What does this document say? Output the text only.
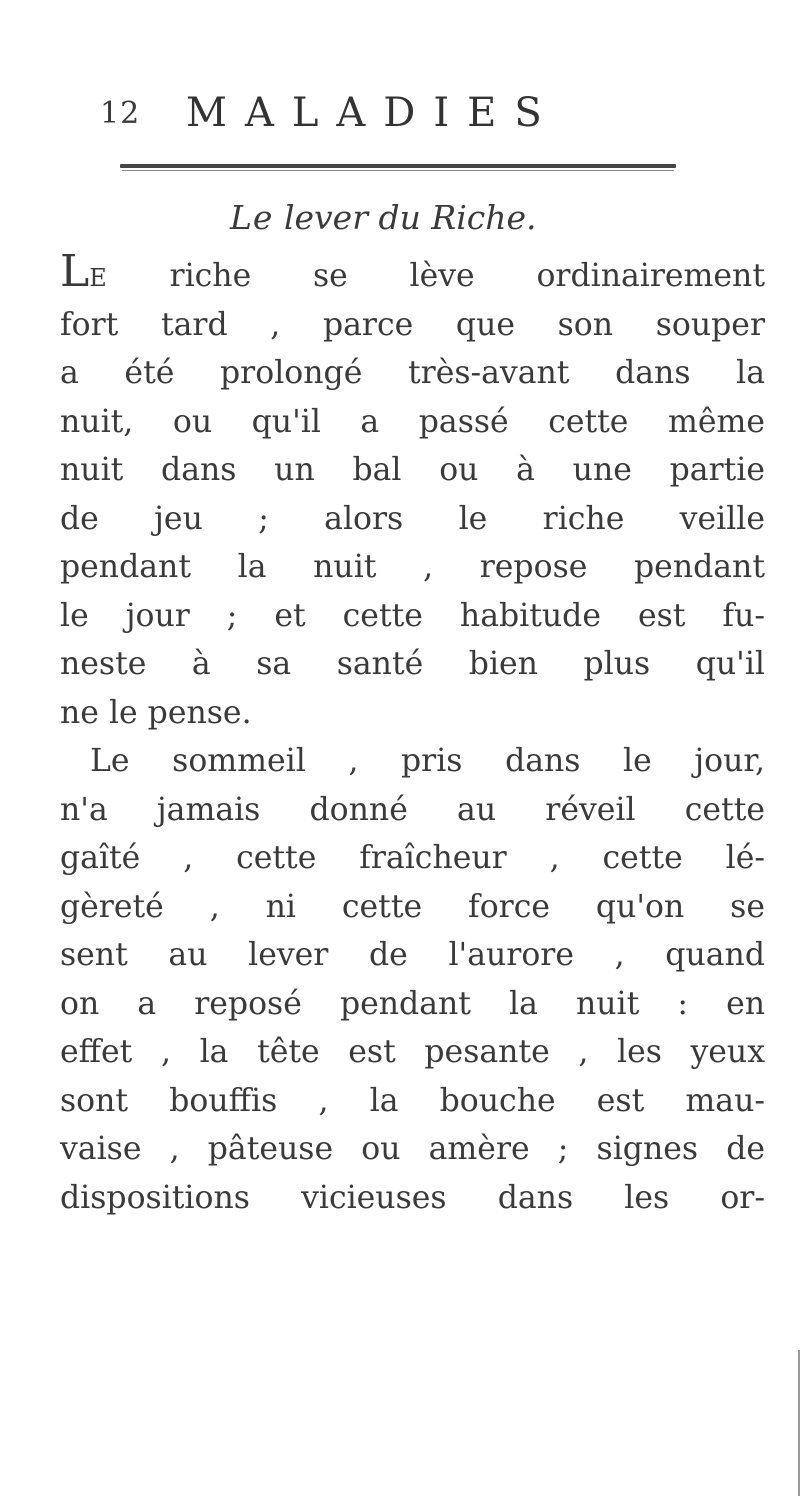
12 MALADIES
Le lever du Riche.
LE riche se lève ordinairement
fort tard , parce que son souper
a été prolongé très-avant dans la
nuit, ou qu'il a passé cette même
nuit dans un bal ou à une partie
de jeu ; alors le riche veille
pendant la nuit , repose pendant
le jour ; et cette habitude est fu-
neste à sa santé bien plus qu'il
ne le pense.
Le sommeil , pris dans le jour,
n'a jamais donné au réveil cette
gaîté , cette fraîcheur , cette lé-
gèreté , ni cette force qu'on se
sent au lever de l'aurore , quand
on a reposé pendant la nuit : en
effet , la tête est pesante , les yeux
sont bouffis , la bouche est mau-
vaise , pâteuse ou amère ; signes de
dispositions vicieuses dans les or-
